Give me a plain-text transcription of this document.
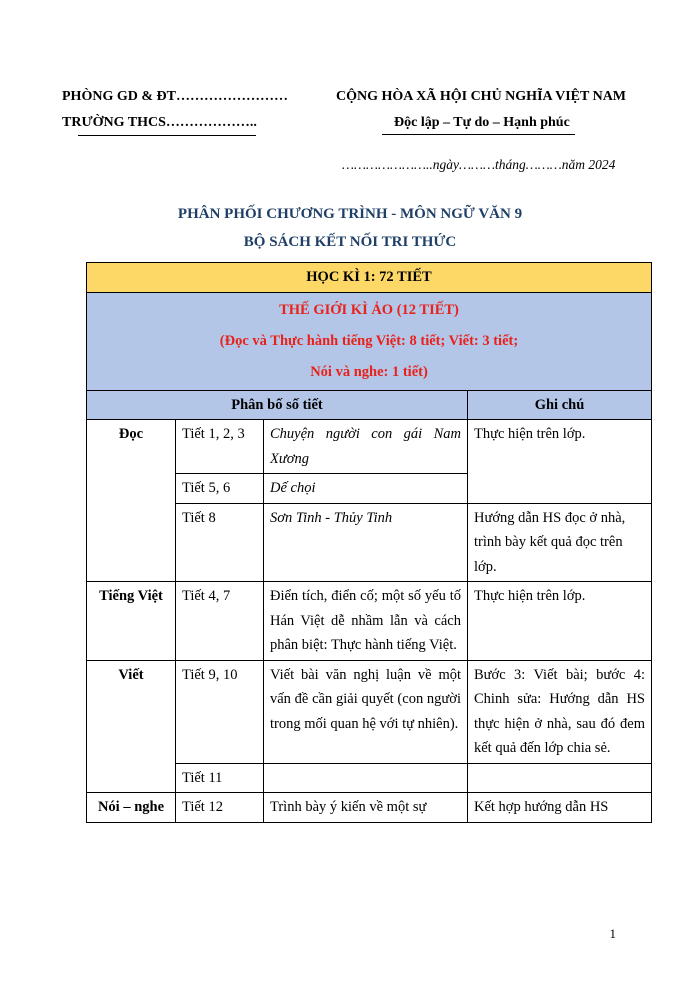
PHÒNG GD & ĐT……………………
TRƯỜNG THCS………………..
CỘNG HÒA XÃ HỘI CHỦ NGHĨA VIỆT NAM
Độc lập – Tự do – Hạnh phúc
…………………..ngày………tháng………năm 2024
PHÂN PHỐI CHƯƠNG TRÌNH - MÔN NGỮ VĂN 9
BỘ SÁCH KẾT NỐI TRI THỨC
HỌC KÌ 1: 72 TIẾT			

THẾ GIỚI KÌ ẢO (12 TIẾT)
(Đọc và Thực hành tiếng Việt: 8 tiết; Viết: 3 tiết;
Nói và nghe: 1 tiết)			

Phân bố số tiết			Ghi chú
Đọc	Tiết 1, 2, 3	Chuyện người con gái Nam Xương	Thực hiện trên lớp.
	Tiết 5, 6	Dế chọi	
	Tiết 8	Sơn Tinh - Thủy Tinh	Hướng dẫn HS đọc ở nhà, trình bày kết quả đọc trên lớp.
Tiếng Việt	Tiết 4, 7	Điển tích, điển cố; một số yếu tố Hán Việt dễ nhầm lẫn và cách phân biệt: Thực hành tiếng Việt.	Thực hiện trên lớp.
Viết	Tiết 9, 10	Viết bài văn nghị luận về một vấn đề cần giải quyết (con người trong mối quan hệ với tự nhiên).	Bước 3: Viết bài; bước 4: Chinh sửa: Hướng dẫn HS thực hiện ở nhà, sau đó đem kết quả đến lớp chia sẻ.
	Tiết 11		
Nói – nghe	Tiết 12	Trình bày ý kiến về một sự	Kết hợp hướng dẫn HS
1
